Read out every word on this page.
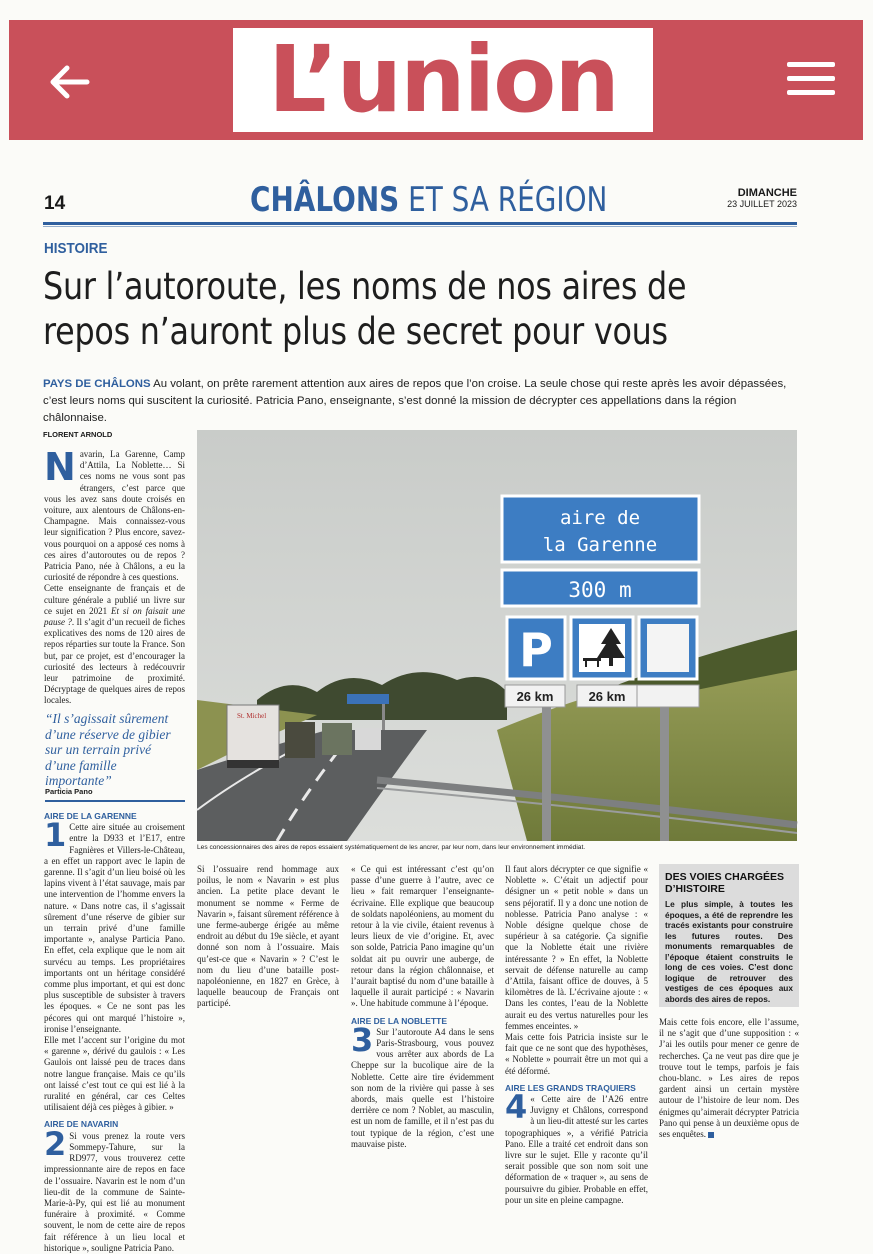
L’union
14	CHÂLONS ET SA RÉGION	DIMANCHE
23 JUILLET 2023
HISTOIRE
Sur l’autoroute, les noms de nos aires de repos n’auront plus de secret pour vous

PAYS DE CHÂLONS Au volant, on prête rarement attention aux aires de repos que l’on croise. La seule chose qui reste après les avoir dépassées, c’est leurs noms qui suscitent la curiosité. Patricia Pano, enseignante, s’est donné la mission de décrypter ces appellations dans la région châlonnaise.

FLORENT ARNOLD
St. Michel
aire de
la Garenne
300 m
P
26 km	26 km
Les concessionnaires des aires de repos essaient systématiquement de les ancrer, par leur nom, dans leur environnement immédiat.

Navarin, La Garenne, Camp d’Attila, La Noblette… Si ces noms ne vous sont pas étrangers, c’est parce que vous les avez sans doute croisés en voiture, aux alentours de Châlons-en-Champagne. Mais connaissez-vous leur signification ? Plus encore, savez-vous pourquoi on a apposé ces noms à ces aires d’autoroutes ou de repos ? Patricia Pano, née à Châlons, a eu la curiosité de répondre à ces questions.

Cette enseignante de français et de culture générale a publié un livre sur ce sujet en 2021 Et si on faisait une pause ?. Il s’agit d’un recueil de fiches explicatives des noms de 120 aires de repos réparties sur toute la France. Son but, par ce projet, est d’encourager la curiosité des lecteurs à redécouvrir leur patrimoine de proximité. Décryptage de quelques aires de repos locales.

“Il s’agissait sûrement d’une réserve de gibier sur un terrain privé d’une famille importante”
Particia Pano
AIRE DE LA GARENNE

1 Cette aire située au croisement entre la D933 et l’E17, entre Fagnières et Villers-le-Château, a en effet un rapport avec le lapin de garenne. Il s’agit d’un lieu boisé où les lapins vivent à l’état sauvage, mais par une intervention de l’homme envers la nature. « Dans notre cas, il s’agissait sûrement d’une réserve de gibier sur un terrain privé d’une famille importante », analyse Particia Pano. En effet, cela explique que le nom ait survécu au temps. Les propriétaires importants ont un héritage considéré comme plus important, et qui est donc plus susceptible de subsister à travers les époques. « Ce ne sont pas les pécores qui ont marqué l’histoire », ironise l’enseignante.

Elle met l’accent sur l’origine du mot « garenne », dérivé du gaulois : « Les Gaulois ont laissé peu de traces dans notre langue française. Mais ce qu’ils ont laissé c’est tout ce qui est lié à la ruralité en général, car ces Celtes utilisaient déjà ces pièges à gibier. »

AIRE DE NAVARIN

2 Si vous prenez la route vers Sommepy-Tahure, sur la RD977, vous trouverez cette impressionnante aire de repos en face de l’ossuaire. Navarin est le nom d’un lieu-dit de la commune de Sainte-Marie-à-Py, qui est lié au monument funéraire à proximité. « Comme souvent, le nom de cette aire de repos fait référence à un lieu local et historique », souligne Patricia Pano.

Si l’ossuaire rend hommage aux poilus, le nom « Navarin » est plus ancien. La petite place devant le monument se nomme « Ferme de Navarin », faisant sûrement référence à une ferme-auberge érigée au même endroit au début du 19e siècle, et ayant donné son nom à l’ossuaire. Mais qu’est-ce que « Navarin » ? C’est le nom du lieu d’une bataille post-napoléonienne, en 1827 en Grèce, à laquelle beaucoup de Français ont participé.

« Ce qui est intéressant c’est qu’on passe d’une guerre à l’autre, avec ce lieu » fait remarquer l’enseignante-écrivaine. Elle explique que beaucoup de soldats napoléoniens, au moment du retour à la vie civile, étaient revenus à leurs lieux de vie d’origine. Et, avec son solde, Patricia Pano imagine qu’un soldat ait pu ouvrir une auberge, de retour dans la région châlonnaise, et l’aurait baptisé du nom d’une bataille à laquelle il aurait participé : « Navarin ». Une habitude commune à l’époque.

AIRE DE LA NOBLETTE

3 Sur l’autoroute A4 dans le sens Paris-Strasbourg, vous pouvez vous arrêter aux abords de La Cheppe sur la bucolique aire de la Noblette. Cette aire tire évidemment son nom de la rivière qui passe à ses abords, mais quelle est l’histoire derrière ce nom ? Noblet, au masculin, est un nom de famille, et il n’est pas du tout typique de la région, c’est une mauvaise piste.

Il faut alors décrypter ce que signifie « Noblette ». C’était un adjectif pour désigner un « petit noble » dans un sens péjoratif. Il y a donc une notion de noblesse. Patricia Pano analyse : « Noble désigne quelque chose de supérieur à sa catégorie. Ça signifie que la Noblette était une rivière intéressante ? » En effet, la Noblette servait de défense naturelle au camp d’Attila, faisant office de douves, à 5 kilomètres de là. L’écrivaine ajoute : « Dans les contes, l’eau de la Noblette aurait eu des vertus naturelles pour les femmes enceintes. »

Mais cette fois Patricia insiste sur le fait que ce ne sont que des hypothèses, « Noblette » pourrait être un mot qui a été déformé.

AIRE LES GRANDS TRAQUIERS

4 « Cette aire de l’A26 entre Juvigny et Châlons, correspond à un lieu-dit attesté sur les cartes topographiques », a vérifié Patricia Pano. Elle a traité cet endroit dans son livre sur le sujet. Elle y raconte qu’il serait possible que son nom soit une déformation de « traquer », au sens de poursuivre du gibier. Probable en effet, pour un site en pleine campagne.

DES VOIES CHARGÉES D’HISTOIRE
Le plus simple, à toutes les époques, a été de reprendre les tracés existants pour construire les futures routes. Des monuments remarquables de l’époque étaient construits le long de ces voies. C’est donc logique de retrouver des vestiges de ces époques aux abords des aires de repos.

Mais cette fois encore, elle l’assume, il ne s’agit que d’une supposition : « J’ai les outils pour mener ce genre de recherches. Ça ne veut pas dire que je trouve tout le temps, parfois je fais chou-blanc. » Les aires de repos gardent ainsi un certain mystère autour de l’histoire de leur nom. Des énigmes qu’aimerait décrypter Patricia Pano qui pense à un deuxième opus de ses enquêtes.
